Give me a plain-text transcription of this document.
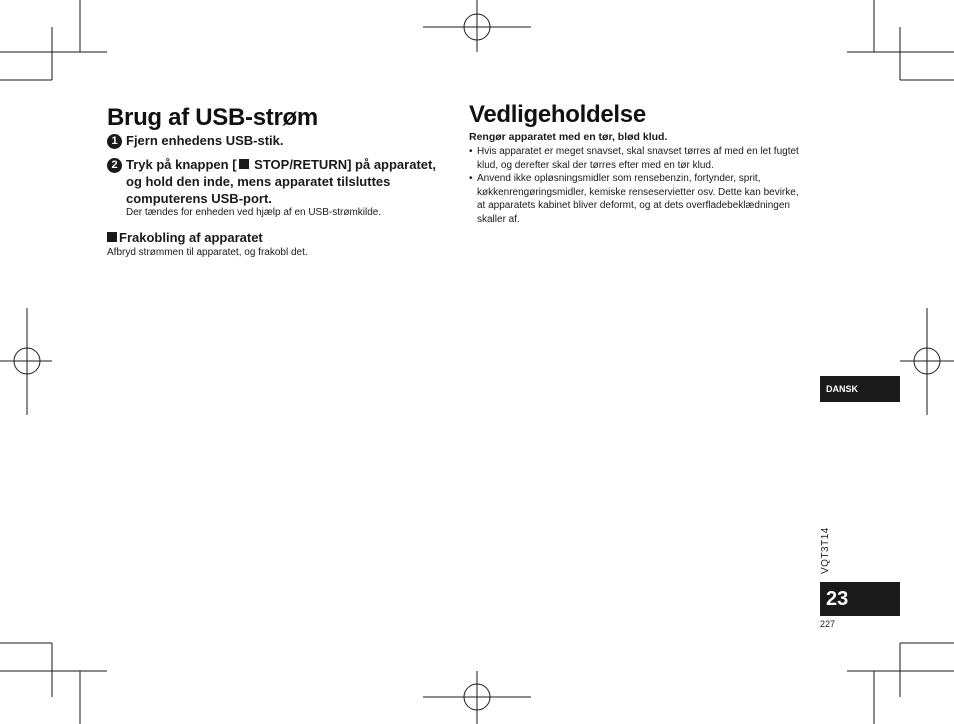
Brug af USB-strøm
1 Fjern enhedens USB-stik.
2 Tryk på knappen [ STOP/RETURN] på apparatet, og hold den inde, mens apparatet tilsluttes computerens USB-port.
Der tændes for enheden ved hjælp af en USB-strømkilde.
Frakobling af apparatet
Afbryd strømmen til apparatet, og frakobl det.
Vedligeholdelse
Rengør apparatet med en tør, blød klud.
• Hvis apparatet er meget snavset, skal snavset tørres af med en let fugtet klud, og derefter skal der tørres efter med en tør klud.
• Anvend ikke opløsningsmidler som rensebenzin, fortynder, sprit, køkkenrengøringsmidler, kemiske renseservietter osv. Dette kan bevirke, at apparatets kabinet bliver deformt, og at dets overfladebeklædningen skaller af.
DANSK
VQT3T14
23
227
